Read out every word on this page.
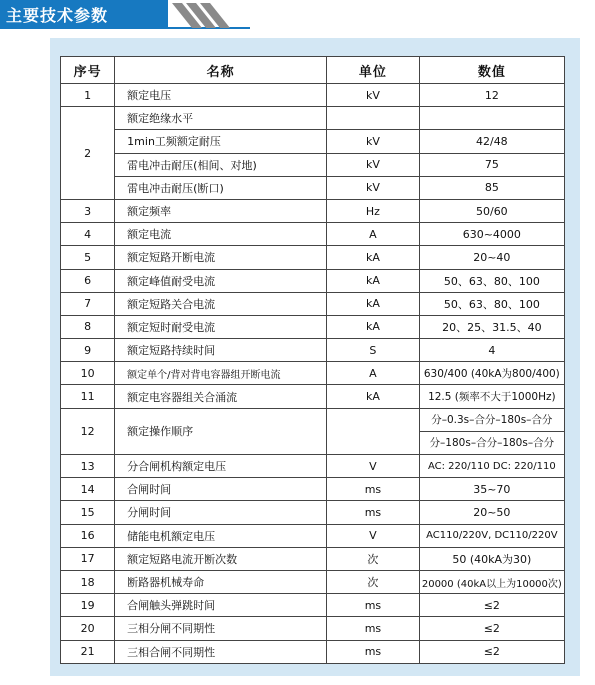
主要技术参数
序号	名称	单位	数值
1	额定电压	kV	12
2	额定绝缘水平		
	1min工频额定耐压	kV	42/48
	雷电冲击耐压(相间、对地)	kV	75
	雷电冲击耐压(断口)	kV	85
3	额定频率	Hz	50/60
4	额定电流	A	630~4000
5	额定短路开断电流	kA	20~40
6	额定峰值耐受电流	kA	50、63、80、100
7	额定短路关合电流	kA	50、63、80、100
8	额定短时耐受电流	kA	20、25、31.5、40
9	额定短路持续时间	S	4
10	额定单个/背对背电容器组开断电流	A	630/400 (40kA为800/400)
11	额定电容器组关合涌流	kA	12.5 (频率不大于1000Hz)
12	额定操作顺序		分–0.3s–合分–180s–合分
			分–180s–合分–180s–合分
13	分合闸机构额定电压	V	AC: 220/110 DC: 220/110
14	合闸时间	ms	35~70
15	分闸时间	ms	20~50
16	储能电机额定电压	V	AC110/220V, DC110/220V
17	额定短路电流开断次数	次	50 (40kA为30)
18	断路器机械寿命	次	20000 (40kA以上为10000次)
19	合闸触头弹跳时间	ms	≤2
20	三相分闸不同期性	ms	≤2
21	三相合闸不同期性	ms	≤2
